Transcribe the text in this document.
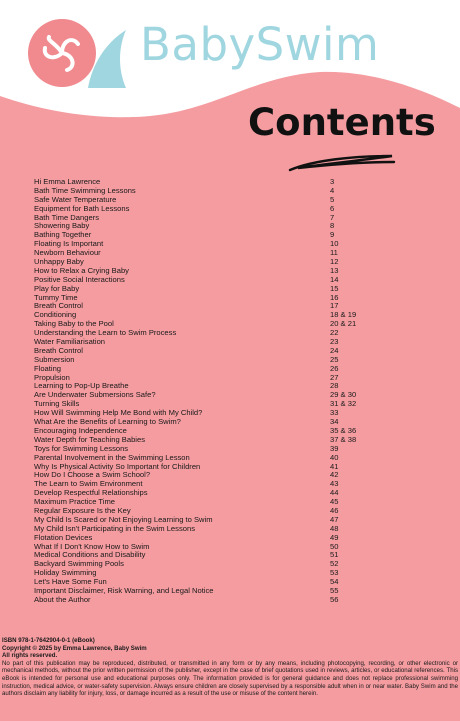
BabySwim
Contents
Hi Emma Lawrence	3
Bath Time Swimming Lessons	4
Safe Water Temperature	5
Equipment for Bath Lessons	6
Bath Time Dangers	7
Showering Baby	8
Bathing Together	9
Floating Is Important	10
Newborn Behaviour	11
Unhappy Baby	12
How to Relax a Crying Baby	13
Positive Social Interactions	14
Play for Baby	15
Tummy Time	16
Breath Control	17
Conditioning	18 & 19
Taking Baby to the Pool	20 & 21
Understanding the Learn to Swim Process	22
Water Familiarisation	23
Breath Control	24
Submersion	25
Floating	26
Propulsion	27
Learning to Pop-Up Breathe	28
Are Underwater Submersions Safe?	29 & 30
Turning Skills	31 & 32
How Will Swimming Help Me Bond with My Child?	33
What Are the Benefits of Learning to Swim?	34
Encouraging Independence	35 & 36
Water Depth for Teaching Babies	37 & 38
Toys for Swimming Lessons	39
Parental Involvement in the Swimming Lesson	40
Why Is Physical Activity So Important for Children	41
How Do I Choose a Swim School?	42
The Learn to Swim Environment	43
Develop Respectful Relationships	44
Maximum Practice Time	45
Regular Exposure Is the Key	46
My Child Is Scared or Not Enjoying Learning to Swim	47
My Child Isn't Participating in the Swim Lessons	48
Flotation Devices	49
What If I Don't Know How to Swim	50
Medical Conditions and Disability	51
Backyard Swimming Pools	52
Holiday Swimming	53
Let's Have Some Fun	54
Important Disclaimer, Risk Warning, and Legal Notice	55
About the Author	56
ISBN 978-1-7642904-0-1 (eBook)
Copyright © 2025 by Emma Lawrence, Baby Swim
All rights reserved.
No part of this publication may be reproduced, distributed, or transmitted in any form or by any means, including photocopying, recording, or other electronic or mechanical methods, without the prior written permission of the publisher, except in the case of brief quotations used in reviews, articles, or educational references. This eBook is intended for personal use and educational purposes only. The information provided is for general guidance and does not replace professional swimming instruction, medical advice, or water-safety supervision. Always ensure children are closely supervised by a responsible adult when in or near water. Baby Swim and the authors disclaim any liability for injury, loss, or damage incurred as a result of the use or misuse of the content herein.
